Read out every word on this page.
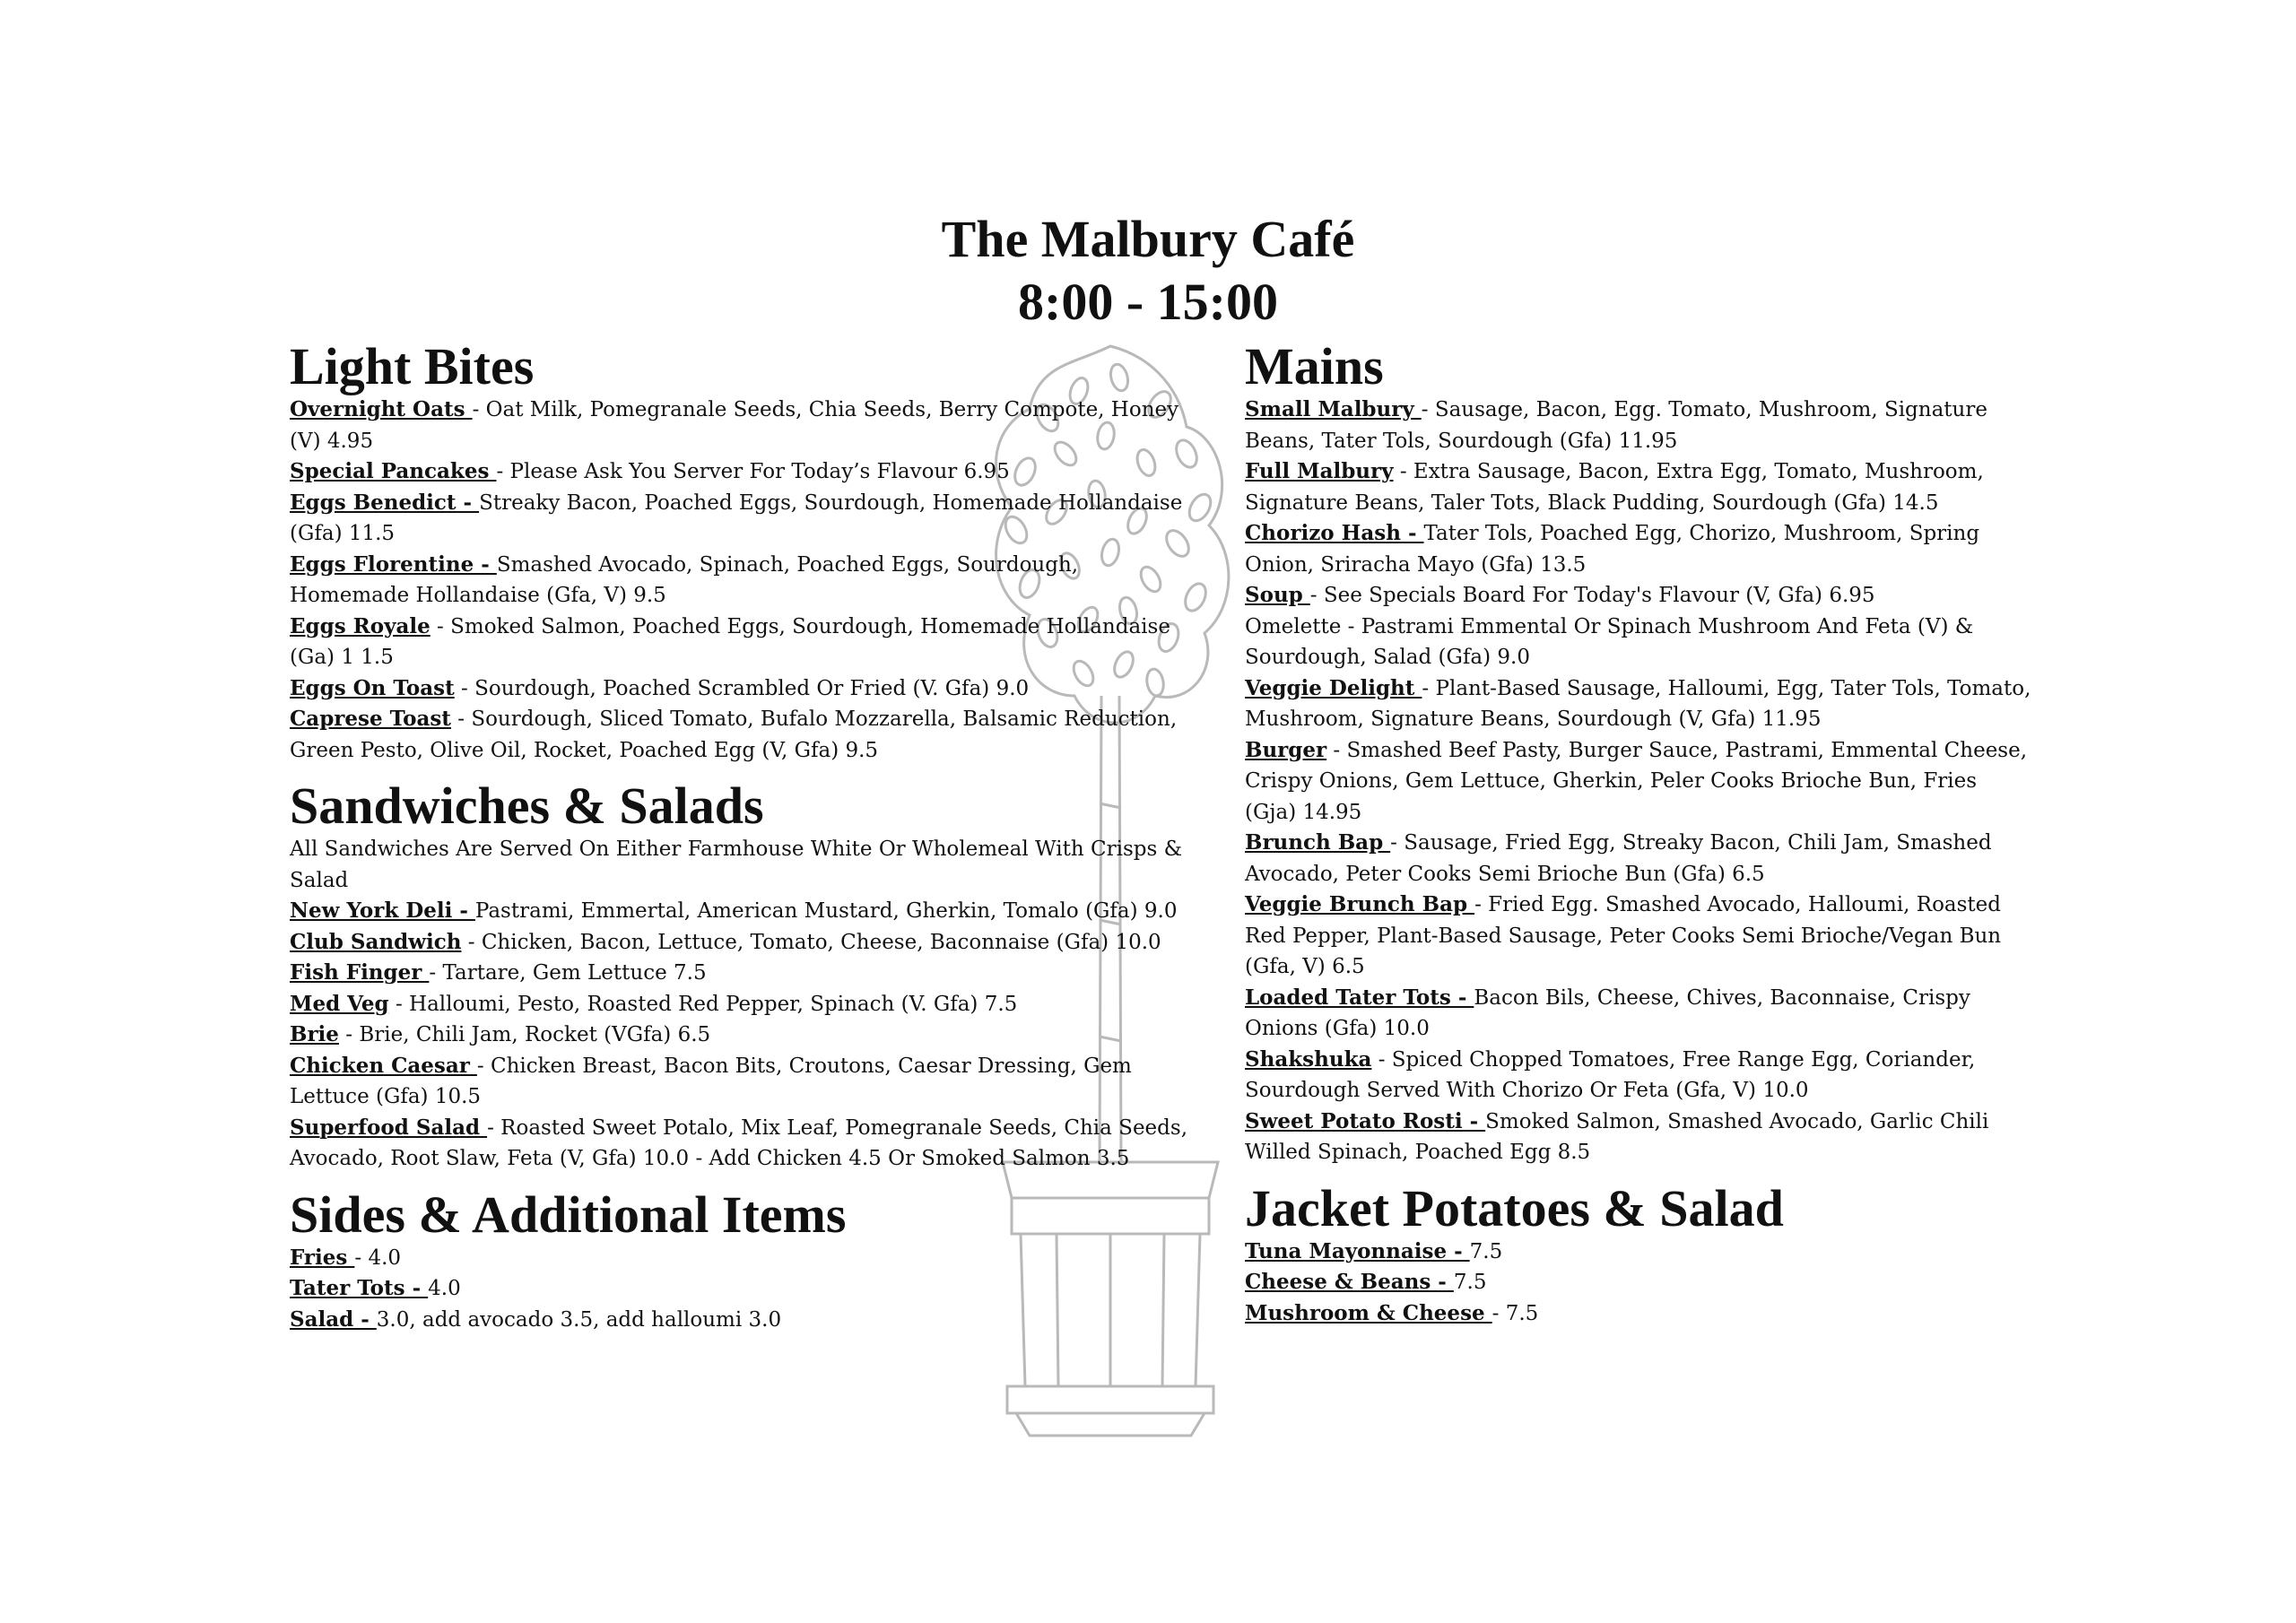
The Malbury Café
8:00 - 15:00
Light Bites
Overnight Oats - Oat Milk, Pomegranale Seeds, Chia Seeds, Berry Compote, Honey (V) 4.95
Special Pancakes - Please Ask You Server For Today’s Flavour 6.95
Eggs Benedict - Streaky Bacon, Poached Eggs, Sourdough, Homemade Hollandaise (Gfa) 11.5
Eggs Florentine - Smashed Avocado, Spinach, Poached Eggs, Sourdough, Homemade Hollandaise (Gfa, V) 9.5
Eggs Royale - Smoked Salmon, Poached Eggs, Sourdough, Homemade Hollandaise (Ga) 1 1.5
Eggs On Toast - Sourdough, Poached Scrambled Or Fried (V. Gfa) 9.0
Caprese Toast - Sourdough, Sliced Tomato, Bufalo Mozzarella, Balsamic Reduction, Green Pesto, Olive Oil, Rocket, Poached Egg (V, Gfa) 9.5
Sandwiches & Salads
All Sandwiches Are Served On Either Farmhouse White Or Wholemeal With Crisps & Salad
New York Deli - Pastrami, Emmertal, American Mustard, Gherkin, Tomalo (Gfa) 9.0
Club Sandwich - Chicken, Bacon, Lettuce, Tomato, Cheese, Baconnaise (Gfa) 10.0
Fish Finger - Tartare, Gem Lettuce 7.5
Med Veg - Halloumi, Pesto, Roasted Red Pepper, Spinach (V. Gfa) 7.5
Brie - Brie, Chili Jam, Rocket (VGfa) 6.5
Chicken Caesar - Chicken Breast, Bacon Bits, Croutons, Caesar Dressing, Gem Lettuce (Gfa) 10.5
Superfood Salad - Roasted Sweet Potalo, Mix Leaf, Pomegranale Seeds, Chia Seeds, Avocado, Root Slaw, Feta (V, Gfa) 10.0 - Add Chicken 4.5 Or Smoked Salmon 3.5
Sides & Additional Items
Fries - 4.0
Tater Tots - 4.0
Salad - 3.0, add avocado 3.5, add halloumi 3.0
Mains
Small Malbury - Sausage, Bacon, Egg. Tomato, Mushroom, Signature Beans, Tater Tols, Sourdough (Gfa) 11.95
Full Malbury - Extra Sausage, Bacon, Extra Egg, Tomato, Mushroom, Signature Beans, Taler Tots, Black Pudding, Sourdough (Gfa) 14.5
Chorizo Hash - Tater Tols, Poached Egg, Chorizo, Mushroom, Spring Onion, Sriracha Mayo (Gfa) 13.5
Soup - See Specials Board For Today's Flavour (V, Gfa) 6.95
Omelette - Pastrami Emmental Or Spinach Mushroom And Feta (V) & Sourdough, Salad (Gfa) 9.0
Veggie Delight - Plant-Based Sausage, Halloumi, Egg, Tater Tols, Tomato, Mushroom, Signature Beans, Sourdough (V, Gfa) 11.95
Burger - Smashed Beef Pasty, Burger Sauce, Pastrami, Emmental Cheese, Crispy Onions, Gem Lettuce, Gherkin, Peler Cooks Brioche Bun, Fries (Gja) 14.95
Brunch Bap - Sausage, Fried Egg, Streaky Bacon, Chili Jam, Smashed Avocado, Peter Cooks Semi Brioche Bun (Gfa) 6.5
Veggie Brunch Bap - Fried Egg. Smashed Avocado, Halloumi, Roasted Red Pepper, Plant-Based Sausage, Peter Cooks Semi Brioche/Vegan Bun (Gfa, V) 6.5
Loaded Tater Tots - Bacon Bils, Cheese, Chives, Baconnaise, Crispy Onions (Gfa) 10.0
Shakshuka - Spiced Chopped Tomatoes, Free Range Egg, Coriander, Sourdough Served With Chorizo Or Feta (Gfa, V) 10.0
Sweet Potato Rosti - Smoked Salmon, Smashed Avocado, Garlic Chili Willed Spinach, Poached Egg 8.5
Jacket Potatoes & Salad
Tuna Mayonnaise - 7.5
Cheese & Beans - 7.5
Mushroom & Cheese - 7.5
